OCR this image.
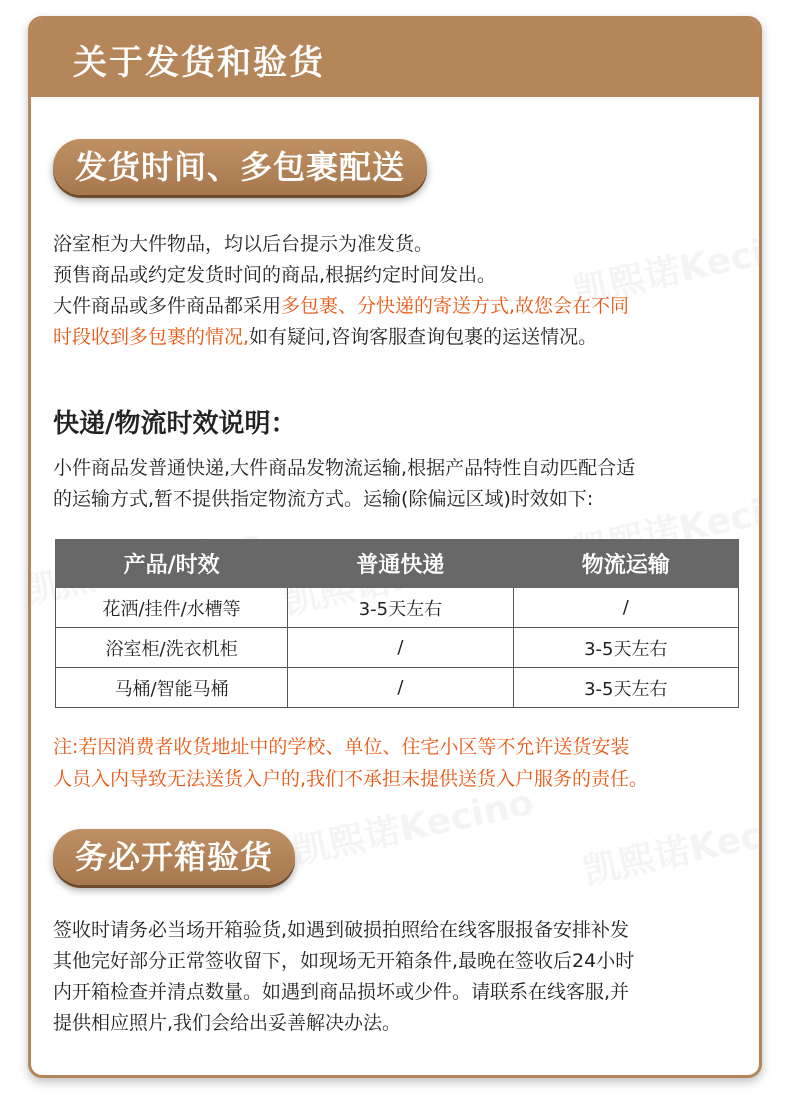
关于发货和验货
发货时间、多包裹配送
浴室柜为大件物品，均以后台提示为准发货。
预售商品或约定发货时间的商品,根据约定时间发出。
大件商品或多件商品都采用多包裹、分快递的寄送方式,故您会在不同
时段收到多包裹的情况,如有疑问,咨询客服查询包裹的运送情况。
快递/物流时效说明：
小件商品发普通快递,大件商品发物流运输,根据产品特性自动匹配合适
的运输方式,暂不提供指定物流方式。运输(除偏远区域)时效如下:
产品/时效	普通快递	物流运输
花洒/挂件/水槽等	3-5天左右	/
浴室柜/洗衣机柜	/	3-5天左右
马桶/智能马桶	/	3-5天左右
注:若因消费者收货地址中的学校、单位、住宅小区等不允许送货安装
人员入内导致无法送货入户的,我们不承担未提供送货入户服务的责任。
务必开箱验货
签收时请务必当场开箱验货,如遇到破损拍照给在线客服报备安排补发
其他完好部分正常签收留下，如现场无开箱条件,最晚在签收后24小时
内开箱检查并清点数量。如遇到商品损坏或少件。请联系在线客服,并
提供相应照片,我们会给出妥善解决办法。
